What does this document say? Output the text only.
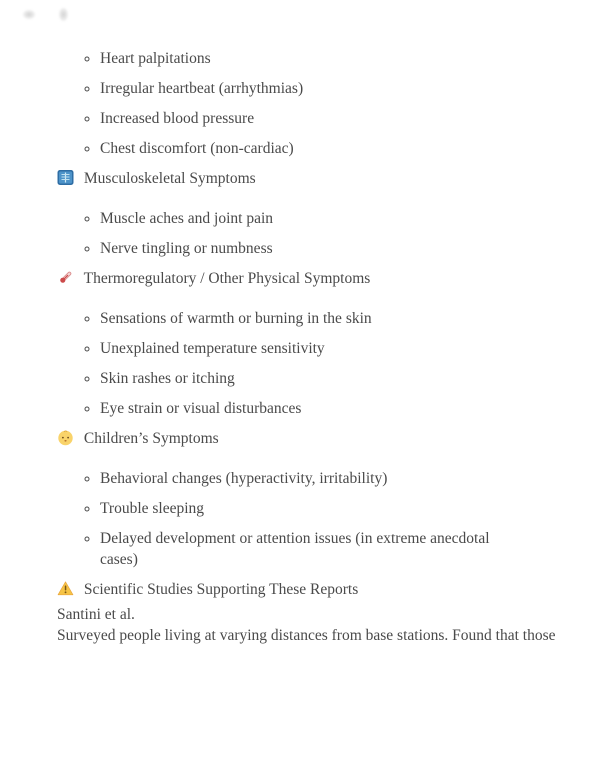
◦ Heart palpitations
◦ Irregular heartbeat (arrhythmias)
◦ Increased blood pressure
◦ Chest discomfort (non-cardiac)
Musculoskeletal Symptoms
◦ Muscle aches and joint pain
◦ Nerve tingling or numbness
Thermoregulatory / Other Physical Symptoms
◦ Sensations of warmth or burning in the skin
◦ Unexplained temperature sensitivity
◦ Skin rashes or itching
◦ Eye strain or visual disturbances
Children’s Symptoms
◦ Behavioral changes (hyperactivity, irritability)
◦ Trouble sleeping
◦ Delayed development or attention issues (in extreme anecdotal cases)
Scientific Studies Supporting These Reports
Santini et al.
Surveyed people living at varying distances from base stations. Found that those
